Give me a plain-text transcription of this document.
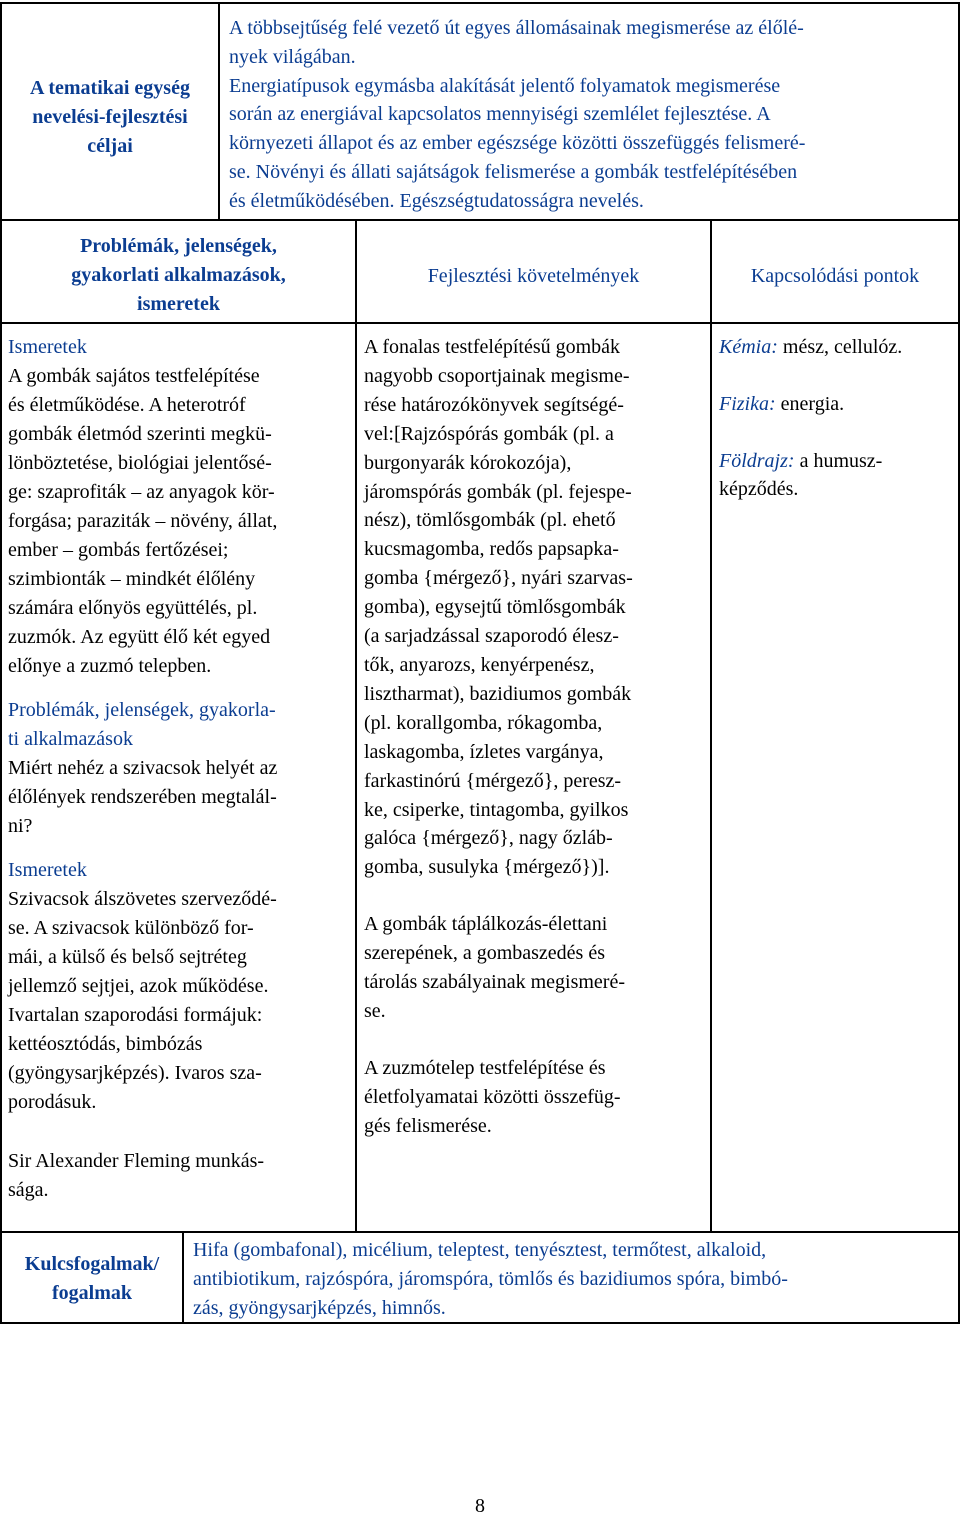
A tematikai egység
nevelési-fejlesztési
céljai
A többsejtűség felé vezető út egyes állomásainak megismerése az élőlé-
nyek világában.
Energiatípusok egymásba alakítását jelentő folyamatok megismerése
során az energiával kapcsolatos mennyiségi szemlélet fejlesztése. A
környezeti állapot és az ember egészsége közötti összefüggés felismeré-
se. Növényi és állati sajátságok felismerése a gombák testfelépítésében
és életműködésében. Egészségtudatosságra nevelés.
Problémák, jelenségek,
gyakorlati alkalmazások,
ismeretek
Fejlesztési követelmények	Kapcsolódási pontok
Ismeretek
A gombák sajátos testfelépítése
és életműködése. A heterotróf
gombák életmód szerinti megkü-
lönböztetése, biológiai jelentősé-
ge: szaprofiták – az anyagok kör-
forgása; paraziták – növény, állat,
ember – gombás fertőzései;
szimbionták – mindkét élőlény
számára előnyös együttélés, pl.
zuzmók. Az együtt élő két egyed
előnye a zuzmó telepben.
Problémák, jelenségek, gyakorla-
ti alkalmazások
Miért nehéz a szivacsok helyét az
élőlények rendszerében megtalál-
ni?
Ismeretek
Szivacsok álszövetes szerveződé-
se. A szivacsok különböző for-
mái, a külső és belső sejtréteg
jellemző sejtjei, azok működése.
Ivartalan szaporodási formájuk:
kettéosztódás, bimbózás
(gyöngysarjképzés). Ivaros sza-
porodásuk.
Sir Alexander Fleming munkás-
sága.
A fonalas testfelépítésű gombák
nagyobb csoportjainak megisme-
rése határozókönyvek segítségé-
vel:[Rajzóspórás gombák (pl. a
burgonyarák kórokozója),
járomspórás gombák (pl. fejespe-
nész), tömlősgombák (pl. ehető
kucsmagomba, redős papsapka-
gomba {mérgező}, nyári szarvas-
gomba), egysejtű tömlősgombák
(a sarjadzással szaporodó élesz-
tők, anyarozs, kenyérpenész,
lisztharmat), bazidiumos gombák
(pl. korallgomba, rókagomba,
laskagomba, ízletes vargánya,
farkastinórú {mérgező}, peresz-
ke, csiperke, tintagomba, gyilkos
galóca {mérgező}, nagy őzláb-
gomba, susulyka {mérgező})].
A gombák táplálkozás-élettani
szerepének, a gombaszedés és
tárolás szabályainak megismeré-
se.
A zuzmótelep testfelépítése és
életfolyamatai közötti összefüg-
gés felismerése.
Kémia: mész, cellulóz.
Fizika: energia.
Földrajz: a humusz-
képződés.
Kulcsfogalmak/
fogalmak
Hifa (gombafonal), micélium, teleptest, tenyésztest, termőtest, alkaloid,
antibiotikum, rajzóspóra, járomspóra, tömlős és bazidiumos spóra, bimbó-
zás, gyöngysarjképzés, himnős.
8
